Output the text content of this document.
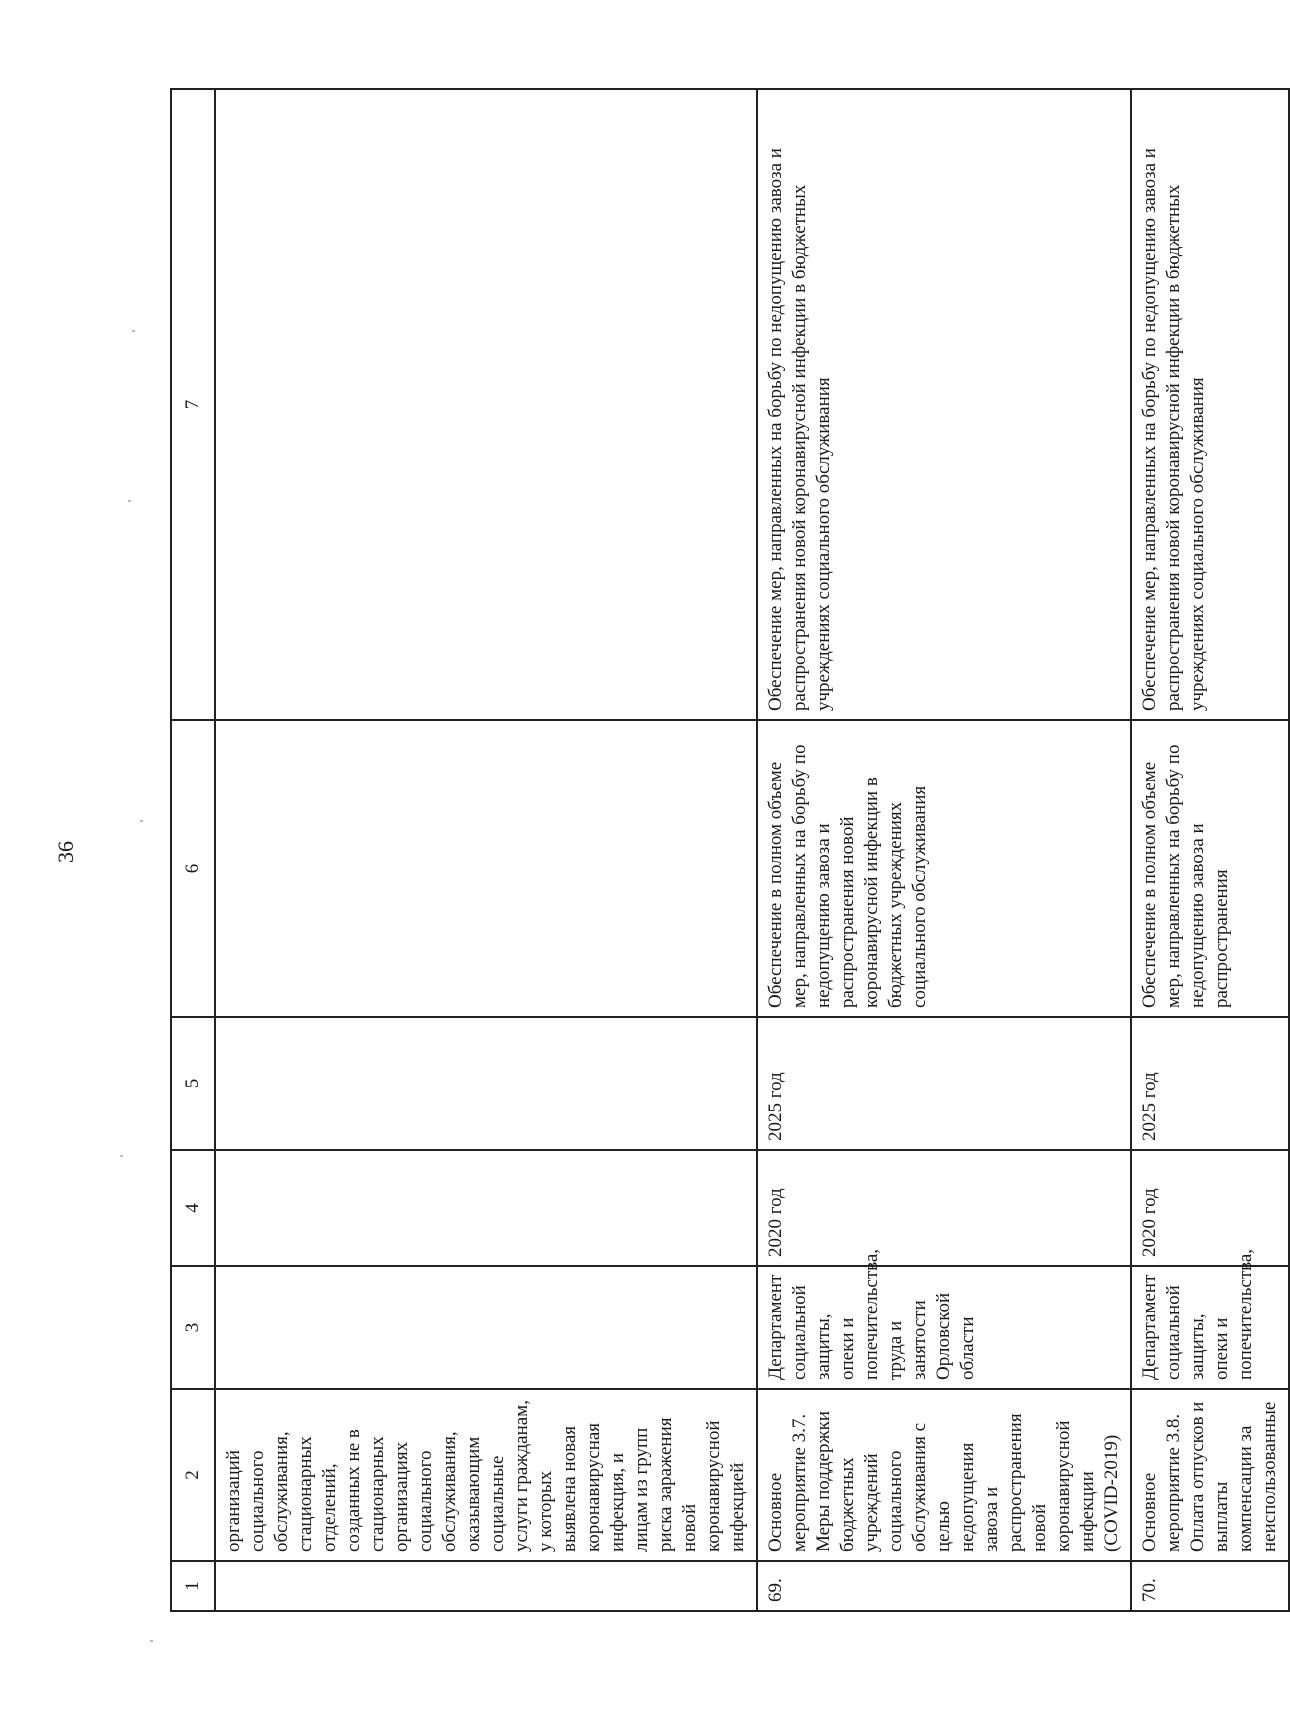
36
1	2	3	4	5	6	7
	организаций социального обслуживания, стационарных отделений, созданных не в стационарных организациях социального обслуживания, оказывающим социальные услуги гражданам, у которых выявлена новая коронавирусная инфекция, и лицам из групп риска заражения новой коронавирусной инфекцией					
69.	Основное мероприятие 3.7. Меры поддержки бюджетных учреждений социального обслуживания с целью недопущения завоза и распространения новой коронавирусной инфекции (COVID-2019)	Департамент социальной защиты, опеки и попечительства, труда и занятости Орловской области	2020 год	2025 год	Обеспечение в полном объеме мер, направленных на борьбу по недопущению завоза и распространения новой коронавирусной инфекции в бюджетных учреждениях социального обслуживания	Обеспечение мер, направленных на борьбу по недопущению завоза и распространения новой коронавирусной инфекции в бюджетных учреждениях социального обслуживания
70.	Основное мероприятие 3.8. Оплата отпусков и выплаты компенсации за неиспользованные	Департамент социальной защиты, опеки и попечительства,	2020 год	2025 год	Обеспечение в полном объеме мер, направленных на борьбу по недопущению завоза и распространения	Обеспечение мер, направленных на борьбу по недопущению завоза и распространения новой коронавирусной инфекции в бюджетных учреждениях социального обслуживания
